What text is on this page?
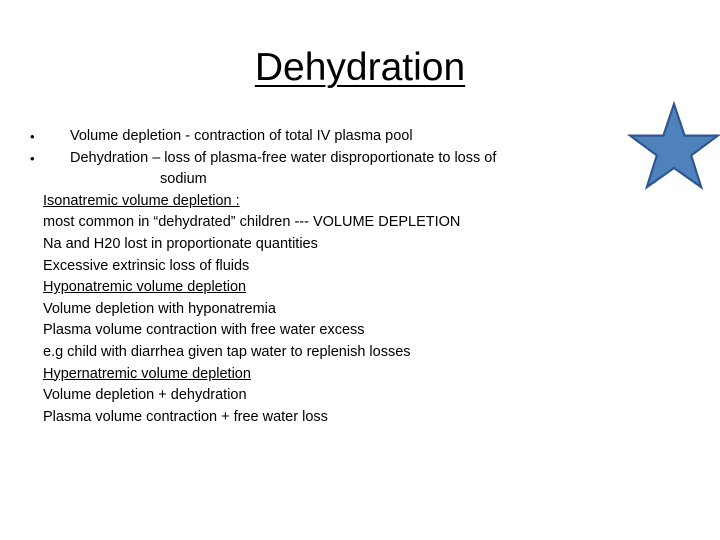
Dehydration
• Volume depletion - contraction of total IV plasma pool
• Dehydration – loss of plasma-free water disproportionate to loss of
sodium
Isonatremic volume depletion :
most common in “dehydrated” children --- VOLUME DEPLETION
Na and H20 lost in proportionate quantities
Excessive extrinsic loss of fluids
Hyponatremic volume depletion
Volume depletion with hyponatremia
Plasma volume contraction with free water excess
e.g child with diarrhea given tap water to replenish losses
Hypernatremic volume depletion
Volume depletion + dehydration
Plasma volume contraction + free water loss
